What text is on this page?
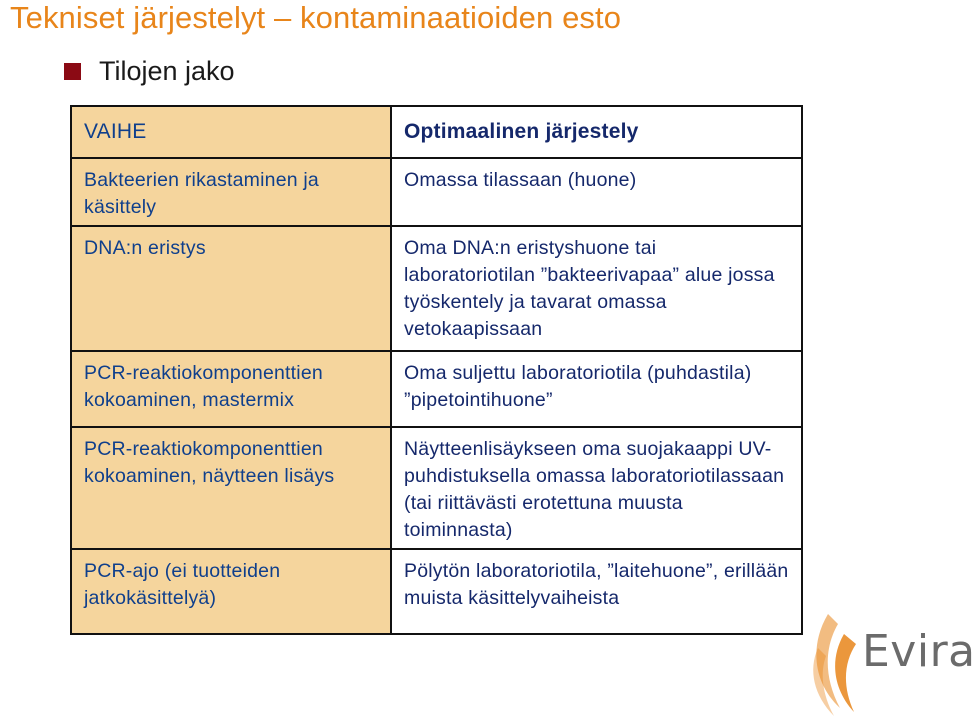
Tekniset järjestelyt – kontaminaatioiden esto
Tilojen jako
VAIHE	Optimaalinen järjestely
Bakteerien rikastaminen ja käsittely	Omassa tilassaan (huone)
DNA:n eristys	Oma DNA:n eristyshuone tai laboratoriotilan ”bakteerivapaa” alue jossa työskentely ja tavarat omassa vetokaapissaan
PCR-reaktiokomponenttien kokoaminen, mastermix	Oma suljettu laboratoriotila (puhdastila) ”pipetointihuone”
PCR-reaktiokomponenttien kokoaminen, näytteen lisäys	Näytteenlisäykseen oma suojakaappi UV-puhdistuksella omassa laboratoriotilassaan (tai riittävästi erotettuna muusta toiminnasta)
PCR-ajo (ei tuotteiden jatkokäsittelyä)	Pölytön laboratoriotila, ”laitehuone”, erillään muista käsittelyvaiheista
Evira
